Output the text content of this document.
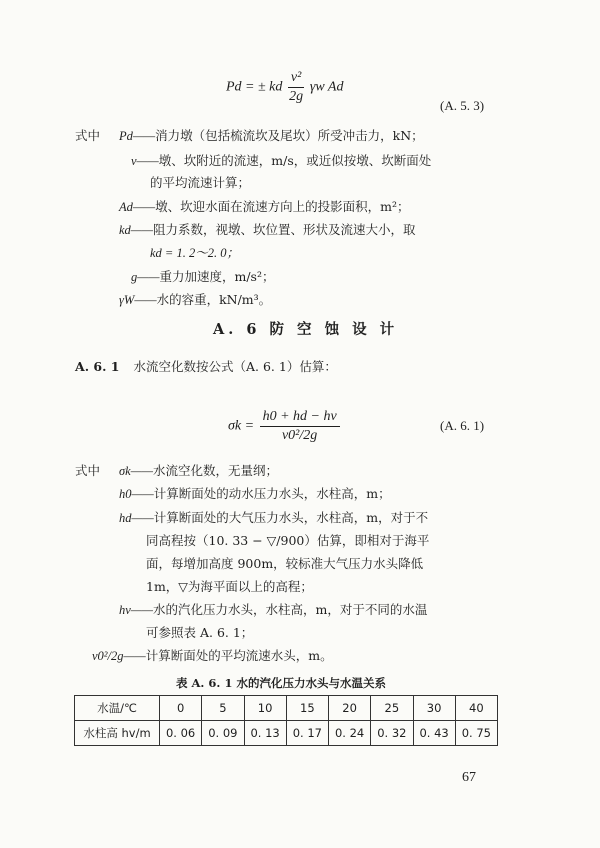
Pd = ± kd $\frac{\text{v²}}{2g}$ γw Ad
(A. 5. 3)
式中 Pd——消力墩（包括梳流坎及尾坎）所受冲击力，kN；
v——墩、坎附近的流速，m/s，或近似按墩、坎断面处
的平均流速计算；
Ad——墩、坎迎水面在流速方向上的投影面积，m²；
kd——阻力系数，视墩、坎位置、形状及流速大小，取
kd = 1. 2～2. 0；
g——重力加速度，m/s²；
γW——水的容重，kN/m³。
A. 6 防 空 蚀 设 计
A. 6. 1 水流空化数按公式（A. 6. 1）估算：
$\sigma k = \frac{h0 + hd - hv}{\text{v0²/2g}}$	(A. 6. 1)
式中 σk——水流空化数，无量纲；
h0——计算断面处的动水压力水头，水柱高，m；
hd——计算断面处的大气压力水头，水柱高，m，对于不
同高程按（10. 33 − ▽/900）估算，即相对于海平
面，每增加高度 900m，较标准大气压力水头降低
1m，▽为海平面以上的高程；
hv——水的汽化压力水头，水柱高，m，对于不同的水温
可参照表 A. 6. 1；
v0²/2g——计算断面处的平均流速水头，m。
表 A. 6. 1 水的汽化压力水头与水温关系
水温/℃	0	5	10	15	20	25	30	40
水柱高 hv/m	0. 06	0. 09	0. 13	0. 17	0. 24	0. 32	0. 43	0. 75
67
